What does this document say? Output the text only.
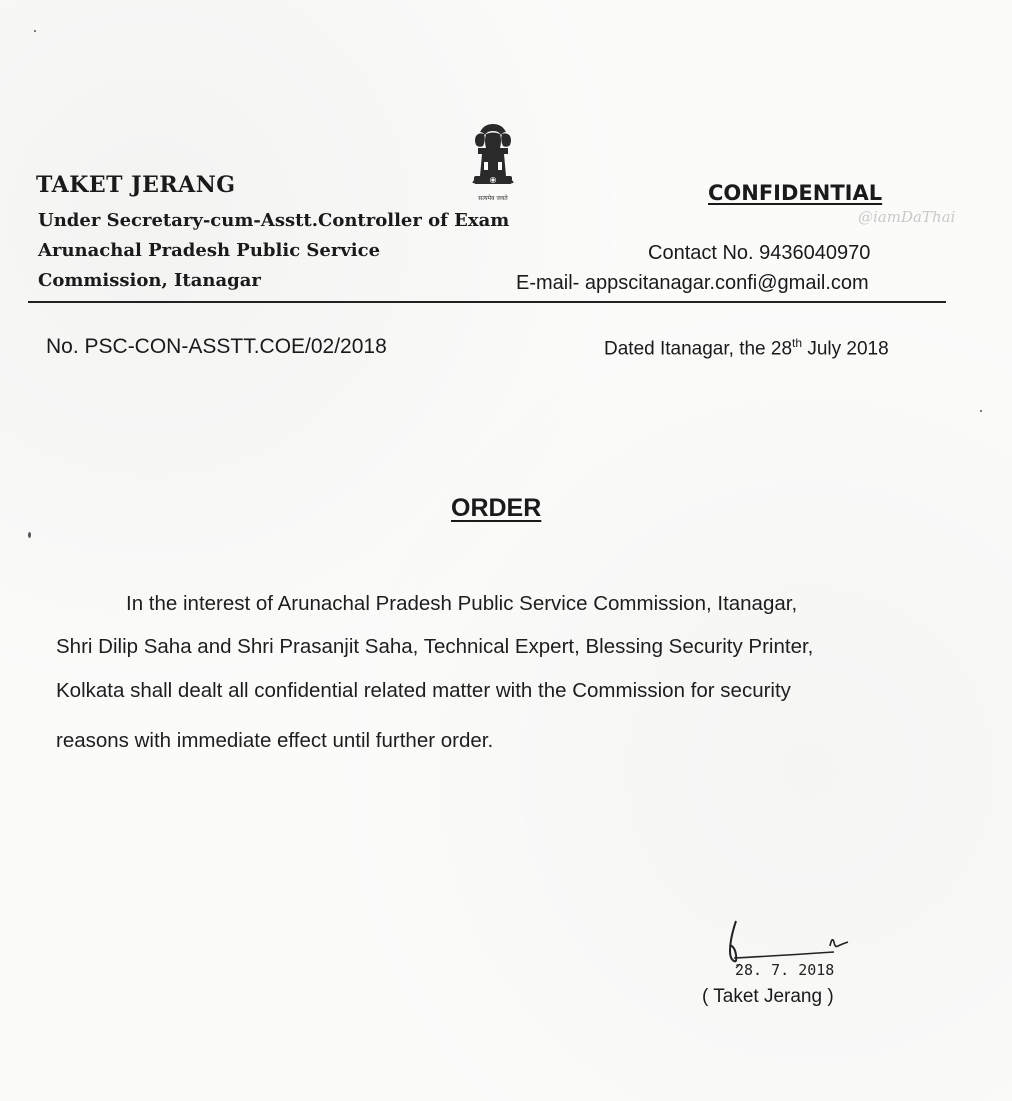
TAKET JERANG
Under Secretary-cum-Asstt.Controller of Exam
Arunachal Pradesh Public Service
Commission, Itanagar
सत्यमेव जयते	CONFIDENTIAL
@iamDaThai
Contact No. 9436040970
E-mail- appscitanagar.confi@gmail.com
No. PSC-CON-ASSTT.COE/02/2018	Dated Itanagar, the 28th July 2018
ORDER
In the interest of Arunachal Pradesh Public Service Commission, Itanagar,
Shri Dilip Saha and Shri Prasanjit Saha, Technical Expert, Blessing Security Printer,
Kolkata shall dealt all confidential related matter with the Commission for security
reasons with immediate effect until further order.
28. 7. 2018
( Taket Jerang )
